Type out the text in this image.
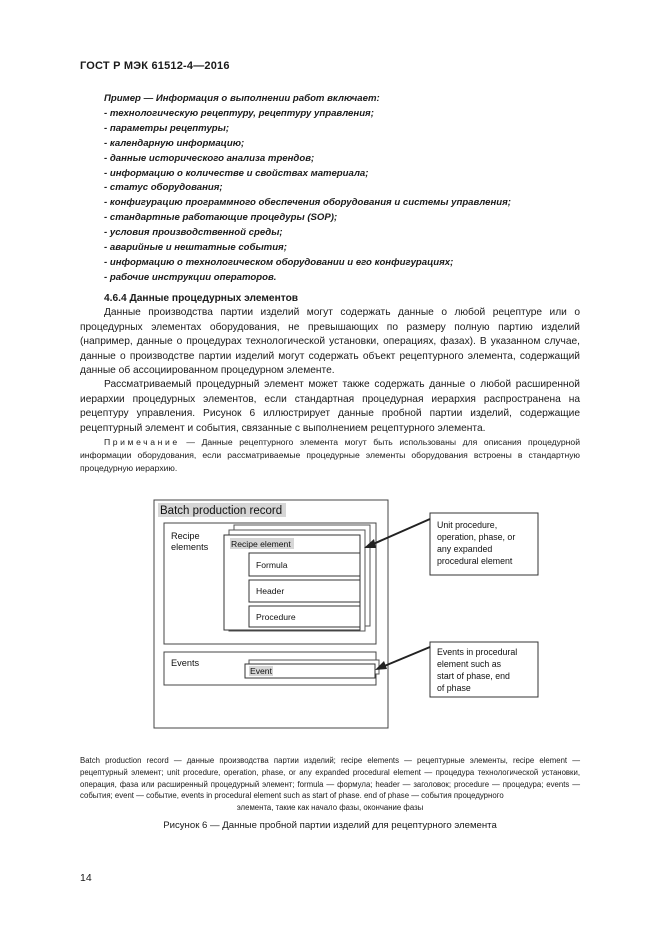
ГОСТ Р МЭК 61512-4—2016
Пример — Информация о выполнении работ включает:
- технологическую рецептуру, рецептуру управления;
- параметры рецептуры;
- календарную информацию;
- данные исторического анализа трендов;
- информацию о количестве и свойствах материала;
- статус оборудования;
- конфигурацию программного обеспечения оборудования и системы управления;
- стандартные работающие процедуры (SOP);
- условия производственной среды;
- аварийные и нештатные события;
- информацию о технологическом оборудовании и его конфигурациях;
- рабочие инструкции операторов.
4.6.4 Данные процедурных элементов
Данные производства партии изделий могут содержать данные о любой рецептуре или о процедурных элементах оборудования, не превышающих по размеру полную партию изделий (например, данные о процедурах технологической установки, операциях, фазах). В указанном случае, данные о производстве партии изделий могут содержать объект рецептурного элемента, содержащий данные об ассоциированном процедурном элементе.
Рассматриваемый процедурный элемент может также содержать данные о любой расширенной иерархии процедурных элементов, если стандартная процедурная иерархия распространена на рецептуру управления. Рисунок 6 иллюстрирует данные пробной партии изделий, содержащие рецептурный элемент и события, связанные с выполнением рецептурного элемента.
Примечание — Данные рецептурного элемента могут быть использованы для описания процедурной информации оборудования, если рассматриваемые процедурные элементы оборудования встроены в стандартную процедурную иерархию.
Batch production record
Recipe
elements	Recipe element
Formula
Header
Procedure
Events
Event
Unit procedure,
operation, phase, or
any expanded
procedural element
Events in procedural
element such as
start of phase, end
of phase
Batch production record — данные производства партии изделий; recipe elements — рецептурные элементы, recipe element — рецептурный элемент; unit procedure, operation, phase, or any expanded procedural element — процедура технологической установки, операция, фаза или расширенный процедурный элемент; formula — формула; header — заголовок; procedure — процедура; events — события; event — событие, events in procedural element such as start of phase. end of phase — события процедурного
элемента, такие как начало фазы, окончание фазы
Рисунок 6 — Данные пробной партии изделий для рецептурного элемента
14
